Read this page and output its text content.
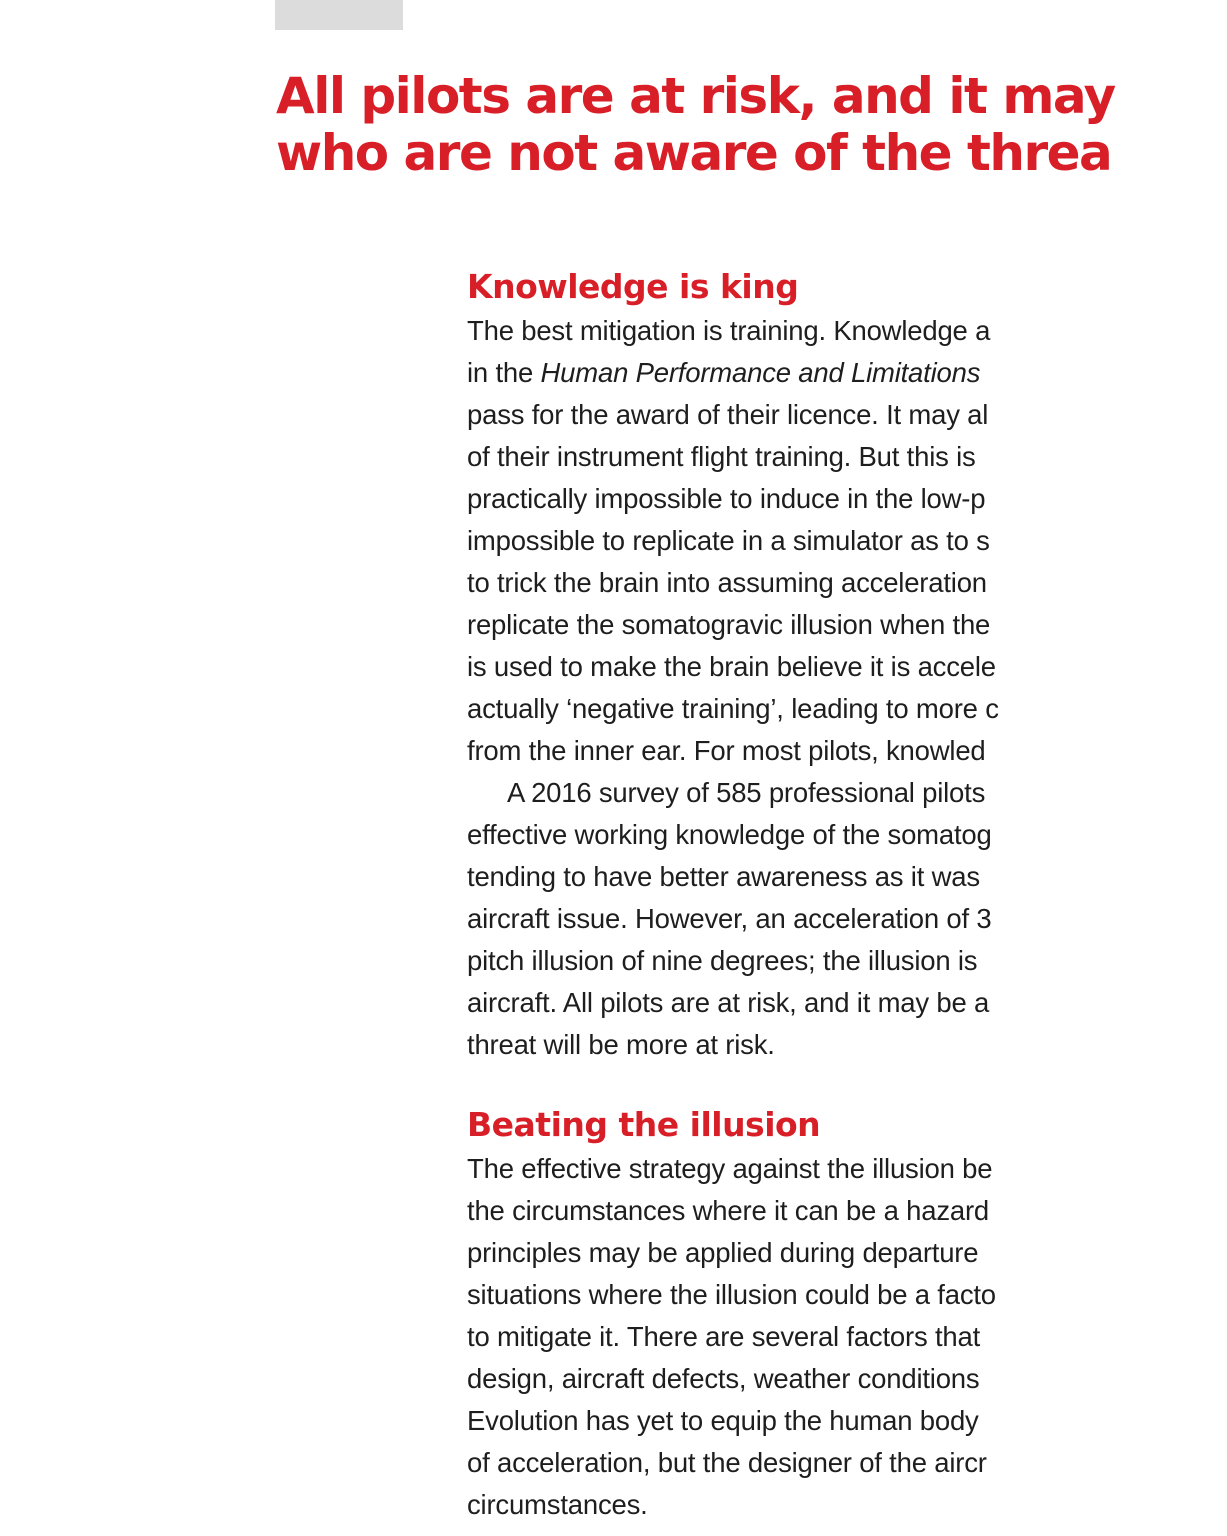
All pilots are at risk, and it may
who are not aware of the threa
Knowledge is king

The best mitigation is training. Knowledge a
in the Human Performance and Limitations
pass for the award of their licence. It may al
of their instrument flight training. But this is
practically impossible to induce in the low-p
impossible to replicate in a simulator as to s
to trick the brain into assuming acceleration
replicate the somatogravic illusion when the
is used to make the brain believe it is accele
actually ‘negative training’, leading to more c
from the inner ear. For most pilots, knowled

A 2016 survey of 585 professional pilots
effective working knowledge of the somatog
tending to have better awareness as it was
aircraft issue. However, an acceleration of 3
pitch illusion of nine degrees; the illusion is
aircraft. All pilots are at risk, and it may be a
threat will be more at risk.

Beating the illusion

The effective strategy against the illusion be
the circumstances where it can be a hazard
principles may be applied during departure
situations where the illusion could be a facto
to mitigate it. There are several factors that
design, aircraft defects, weather conditions
Evolution has yet to equip the human body
of acceleration, but the designer of the aircr
circumstances.
